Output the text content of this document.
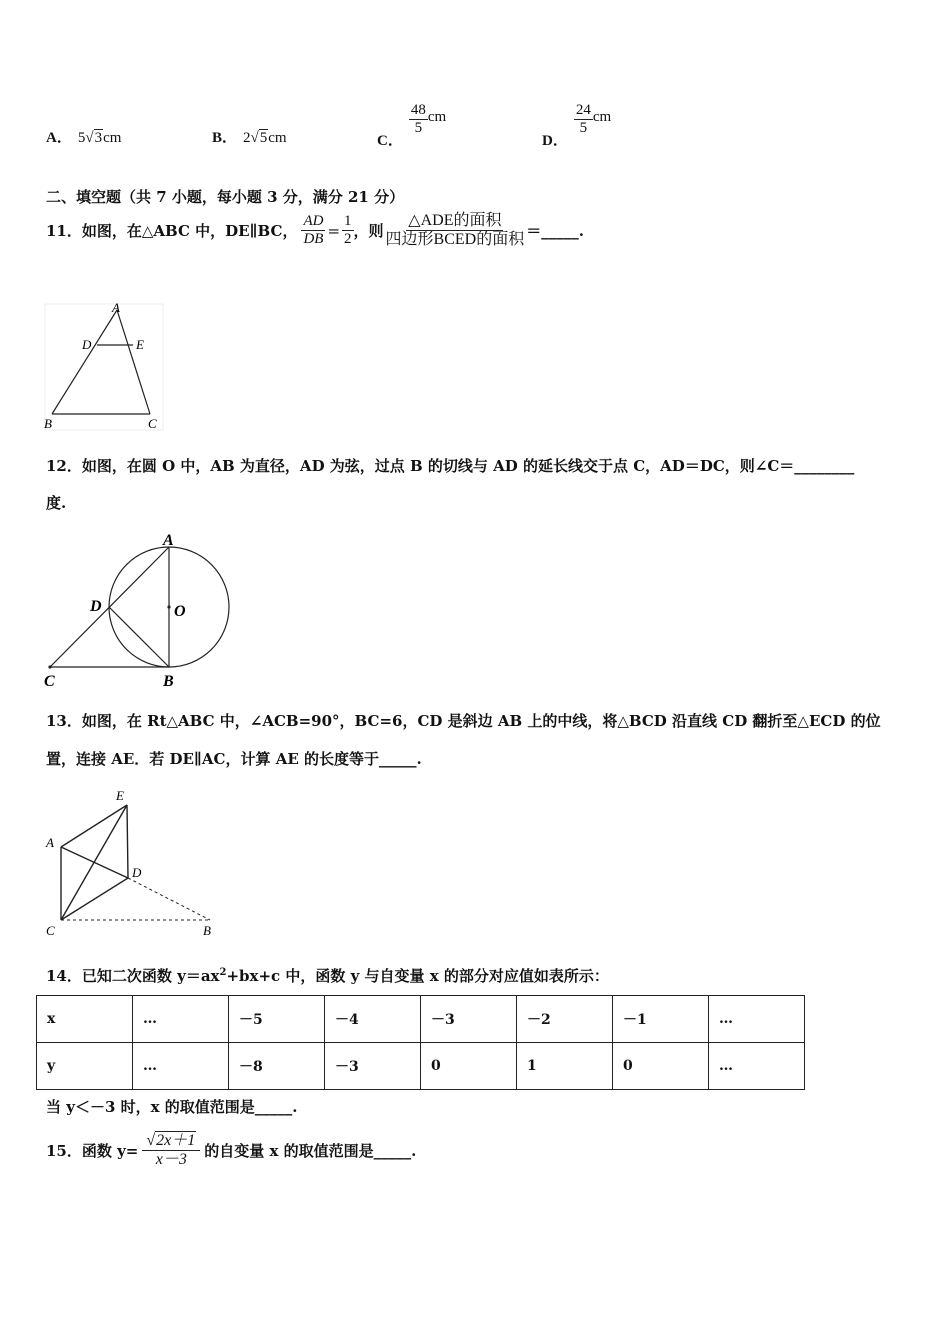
A． 5√3cm	B． 2√5cm	C．
$\frac{48}{5}$ cm
D．
$\frac{24}{5}$ cm
二、填空题（共 7 小题，每小题 3 分，满分 21 分）
11．如图，在△ABC 中，DE∥BC， $\frac{AD}{DB} = \frac{1}{2}$ ，则 $\frac{\text{△ADE的面积}}{\text{四边形BCED的面积}}$ ＝_____.
A
D	E
B	C
12．如图，在圆 O 中，AB 为直径，AD 为弦，过点 B 的切线与 AD 的延长线交于点 C，AD＝DC，则∠C＝________
度.
A
D	O
C	B
13．如图，在 Rt△ABC 中，∠ACB=90°，BC=6，CD 是斜边 AB 上的中线，将△BCD 沿直线 CD 翻折至△ECD 的位
置，连接 AE．若 DE∥AC，计算 AE 的长度等于_____.
E
A
D
C	B
14．已知二次函数 $y=ax^2+bx+c$ 中，函数 y 与自变量 x 的部分对应值如表所示：
x	…	－5	－4	－3	－2	－1	…
y	…	－8	－3	0	1	0	…
当 y＜－3 时，x 的取值范围是_____.
15．函数 $y= \frac{√2x+1}{x-3}$ 的自变量 x 的取值范围是_____.
